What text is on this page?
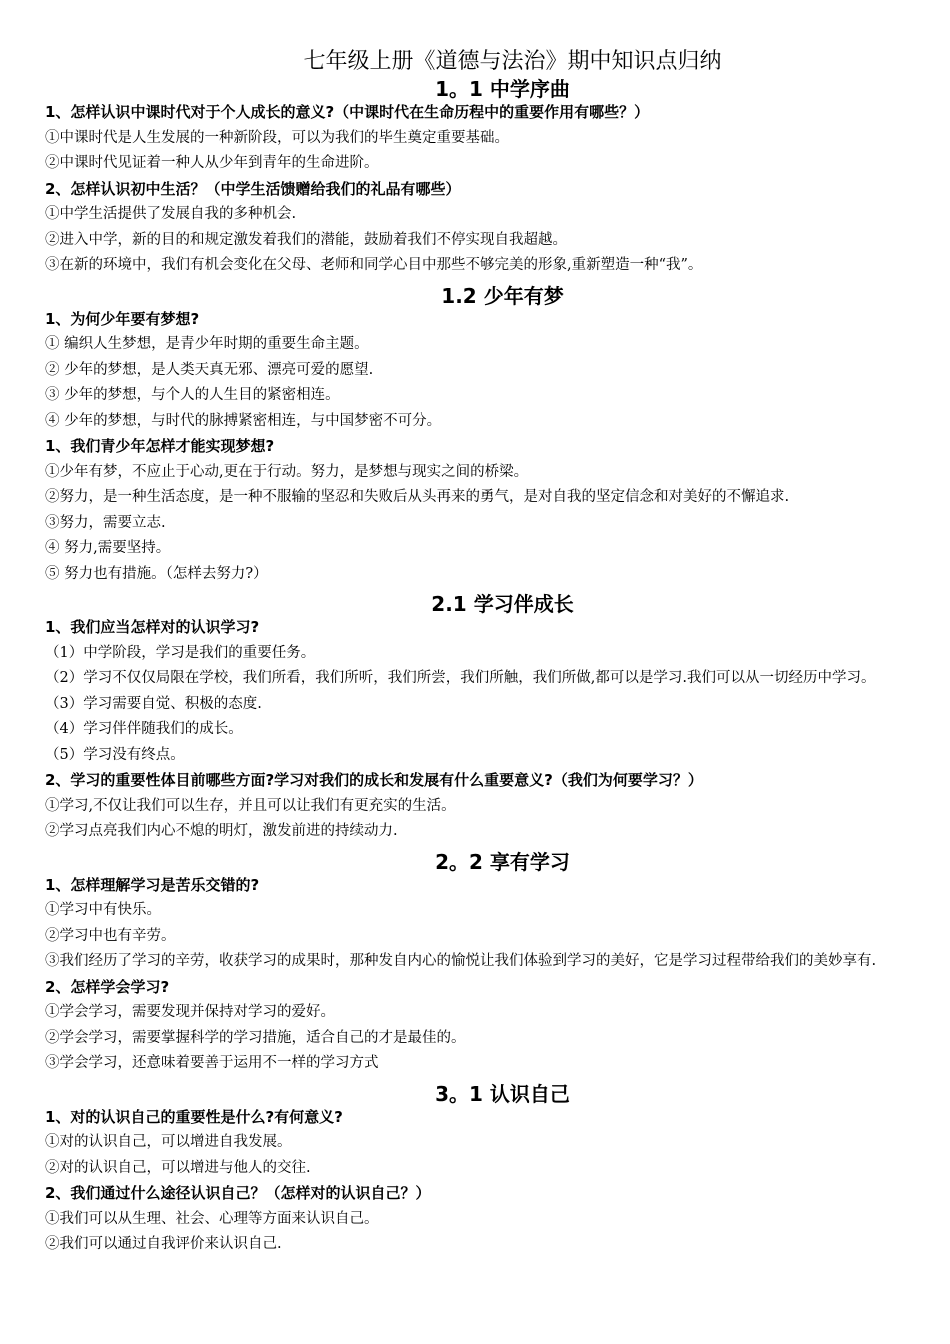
七年级上册《道德与法治》期中知识点归纳
1。1 中学序曲
1、怎样认识中课时代对于个人成长的意义?（中课时代在生命历程中的重要作用有哪些？）
①中课时代是人生发展的一种新阶段，可以为我们的毕生奠定重要基础。
②中课时代见证着一种人从少年到青年的生命进阶。
2、怎样认识初中生活？（中学生活馈赠给我们的礼品有哪些）
①中学生活提供了发展自我的多种机会.
②进入中学，新的目的和规定激发着我们的潜能，鼓励着我们不停实现自我超越。
③在新的环境中，我们有机会变化在父母、老师和同学心目中那些不够完美的形象,重新塑造一种“我”。
1.2 少年有梦
1、为何少年要有梦想?
① 编织人生梦想，是青少年时期的重要生命主题。
② 少年的梦想，是人类天真无邪、漂亮可爱的愿望.
③ 少年的梦想，与个人的人生目的紧密相连。
④ 少年的梦想，与时代的脉搏紧密相连，与中国梦密不可分。
1、我们青少年怎样才能实现梦想?
①少年有梦，不应止于心动,更在于行动。努力，是梦想与现实之间的桥梁。
②努力，是一种生活态度，是一种不服输的坚忍和失败后从头再来的勇气，是对自我的坚定信念和对美好的不懈追求.
③努力，需要立志.
④ 努力,需要坚持。
⑤ 努力也有措施。（怎样去努力?）
2.1 学习伴成长
1、我们应当怎样对的认识学习?
（1）中学阶段，学习是我们的重要任务。
（2）学习不仅仅局限在学校，我们所看，我们所听，我们所尝，我们所触，我们所做,都可以是学习.我们可以从一切经历中学习。
（3）学习需要自觉、积极的态度.
（4）学习伴伴随我们的成长。
（5）学习没有终点。
2、学习的重要性体目前哪些方面?学习对我们的成长和发展有什么重要意义?（我们为何要学习？）
①学习,不仅让我们可以生存，并且可以让我们有更充实的生活。
②学习点亮我们内心不熄的明灯，激发前进的持续动力.
2。2 享有学习
1、怎样理解学习是苦乐交错的?
①学习中有快乐。
②学习中也有辛劳。
③我们经历了学习的辛劳，收获学习的成果时，那种发自内心的愉悦让我们体验到学习的美好，它是学习过程带给我们的美妙享有.
2、怎样学会学习?
①学会学习，需要发现并保持对学习的爱好。
②学会学习，需要掌握科学的学习措施，适合自己的才是最佳的。
③学会学习，还意味着要善于运用不一样的学习方式
3。1 认识自己
1、对的认识自己的重要性是什么?有何意义?
①对的认识自己，可以增进自我发展。
②对的认识自己，可以增进与他人的交往.
2、我们通过什么途径认识自己？（怎样对的认识自己？）
①我们可以从生理、社会、心理等方面来认识自己。
②我们可以通过自我评价来认识自己.
